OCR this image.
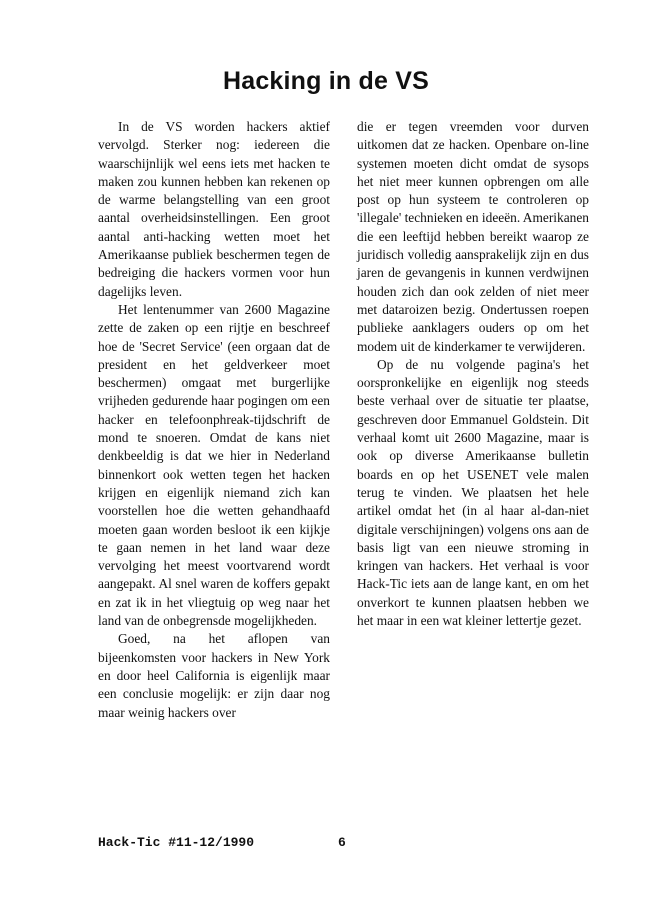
Hacking in de VS

In de VS worden hackers aktief vervolgd. Sterker nog: iedereen die waarschijnlijk wel eens iets met hacken te maken zou kunnen hebben kan rekenen op de warme belangstelling van een groot aantal overheidsinstellingen. Een groot aantal anti-hacking wetten moet het Amerikaanse publiek beschermen tegen de bedreiging die hackers vormen voor hun dagelijks leven.

Het lentenummer van 2600 Magazine zette de zaken op een rijtje en beschreef hoe de 'Secret Service' (een orgaan dat de president en het geldverkeer moet beschermen) omgaat met burgerlijke vrijheden gedurende haar pogingen om een hacker en telefoonphreak-tijdschrift de mond te snoeren. Omdat de kans niet denkbeeldig is dat we hier in Nederland binnenkort ook wetten tegen het hacken krijgen en eigenlijk niemand zich kan voorstellen hoe die wetten gehandhaafd moeten gaan worden besloot ik een kijkje te gaan nemen in het land waar deze vervolging het meest voortvarend wordt aangepakt. Al snel waren de koffers gepakt en zat ik in het vliegtuig op weg naar het land van de onbegrensde mogelijkheden.

Goed, na het aflopen van bijeenkomsten voor hackers in New York en door heel California is eigenlijk maar een conclusie mogelijk: er zijn daar nog maar weinig hackers over

die er tegen vreemden voor durven uitkomen dat ze hacken. Openbare on-line systemen moeten dicht omdat de sysops het niet meer kunnen opbrengen om alle post op hun systeem te controleren op 'illegale' technieken en ideeën. Amerikanen die een leeftijd hebben bereikt waarop ze juridisch volledig aansprakelijk zijn en dus jaren de gevangenis in kunnen verdwijnen houden zich dan ook zelden of niet meer met dataroizen bezig. Ondertussen roepen publieke aanklagers ouders op om het modem uit de kinderkamer te verwijderen.

Op de nu volgende pagina's het oorspronkelijke en eigenlijk nog steeds beste verhaal over de situatie ter plaatse, geschreven door Emmanuel Goldstein. Dit verhaal komt uit 2600 Magazine, maar is ook op diverse Amerikaanse bulletin boards en op het USENET vele malen terug te vinden. We plaatsen het hele artikel omdat het (in al haar al-dan-niet digitale verschijningen) volgens ons aan de basis ligt van een nieuwe stroming in kringen van hackers. Het verhaal is voor Hack-Tic iets aan de lange kant, en om het onverkort te kunnen plaatsen hebben we het maar in een wat kleiner lettertje gezet.

Hack-Tic #11-12/1990	6
